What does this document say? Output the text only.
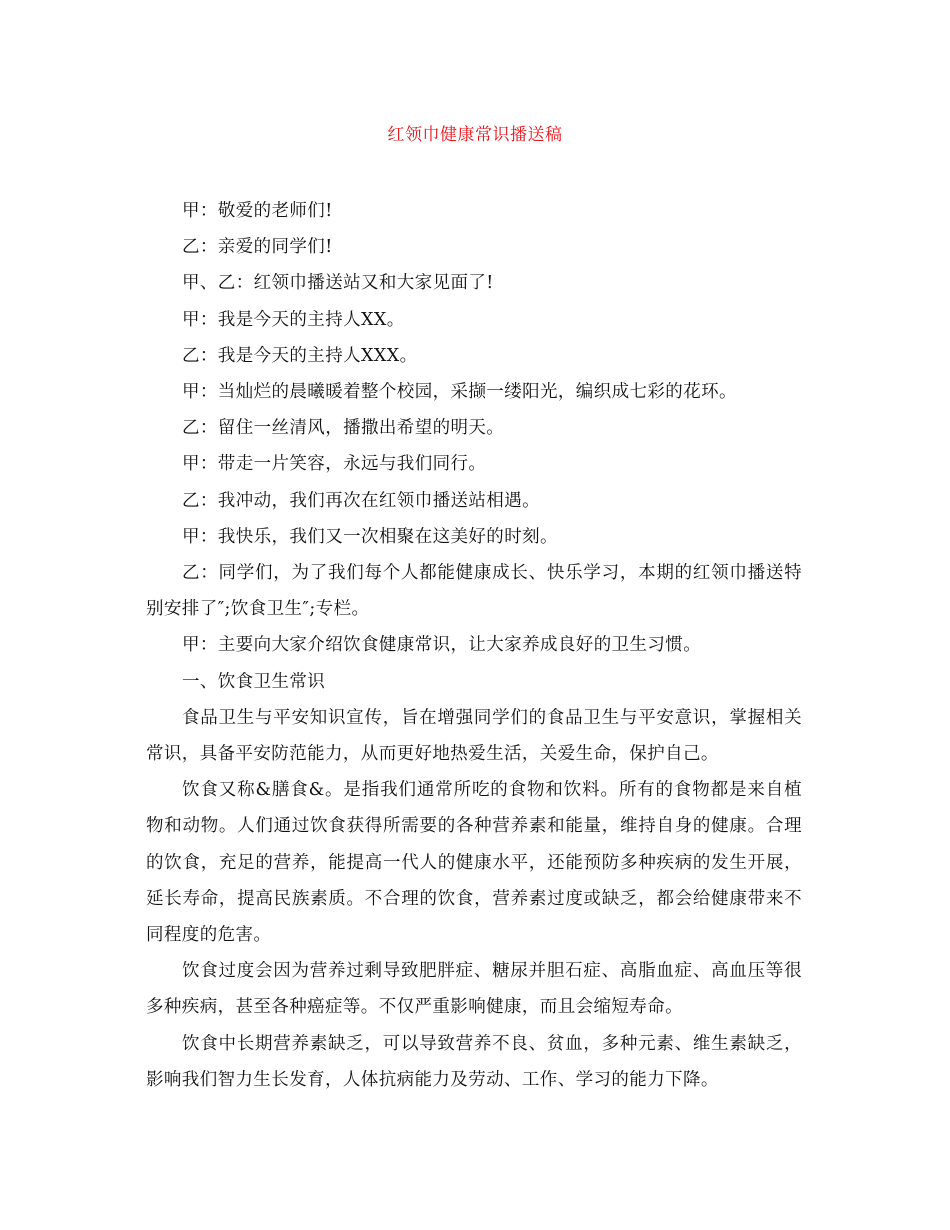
红领巾健康常识播送稿

甲：敬爱的老师们!

乙：亲爱的同学们!

甲、乙：红领巾播送站又和大家见面了!

甲：我是今天的主持人XX。

乙：我是今天的主持人XXX。

甲：当灿烂的晨曦暖着整个校园，采撷一缕阳光，编织成七彩的花环。

乙：留住一丝清风，播撒出希望的明天。

甲：带走一片笑容，永远与我们同行。

乙：我冲动，我们再次在红领巾播送站相遇。

甲：我快乐，我们又一次相聚在这美好的时刻。

乙：同学们，为了我们每个人都能健康成长、快乐学习，本期的红领巾播送特别安排了″;饮食卫生″;专栏。

甲：主要向大家介绍饮食健康常识，让大家养成良好的卫生习惯。

一、饮食卫生常识

食品卫生与平安知识宣传，旨在增强同学们的食品卫生与平安意识，掌握相关常识，具备平安防范能力，从而更好地热爱生活，关爱生命，保护自己。

饮食又称&膳食&。是指我们通常所吃的食物和饮料。所有的食物都是来自植物和动物。人们通过饮食获得所需要的各种营养素和能量，维持自身的健康。合理的饮食，充足的营养，能提高一代人的健康水平，还能预防多种疾病的发生开展，延长寿命，提高民族素质。不合理的饮食，营养素过度或缺乏，都会给健康带来不同程度的危害。

饮食过度会因为营养过剩导致肥胖症、糖尿并胆石症、高脂血症、高血压等很多种疾病，甚至各种癌症等。不仅严重影响健康，而且会缩短寿命。

饮食中长期营养素缺乏，可以导致营养不良、贫血，多种元素、维生素缺乏，影响我们智力生长发育，人体抗病能力及劳动、工作、学习的能力下降。
